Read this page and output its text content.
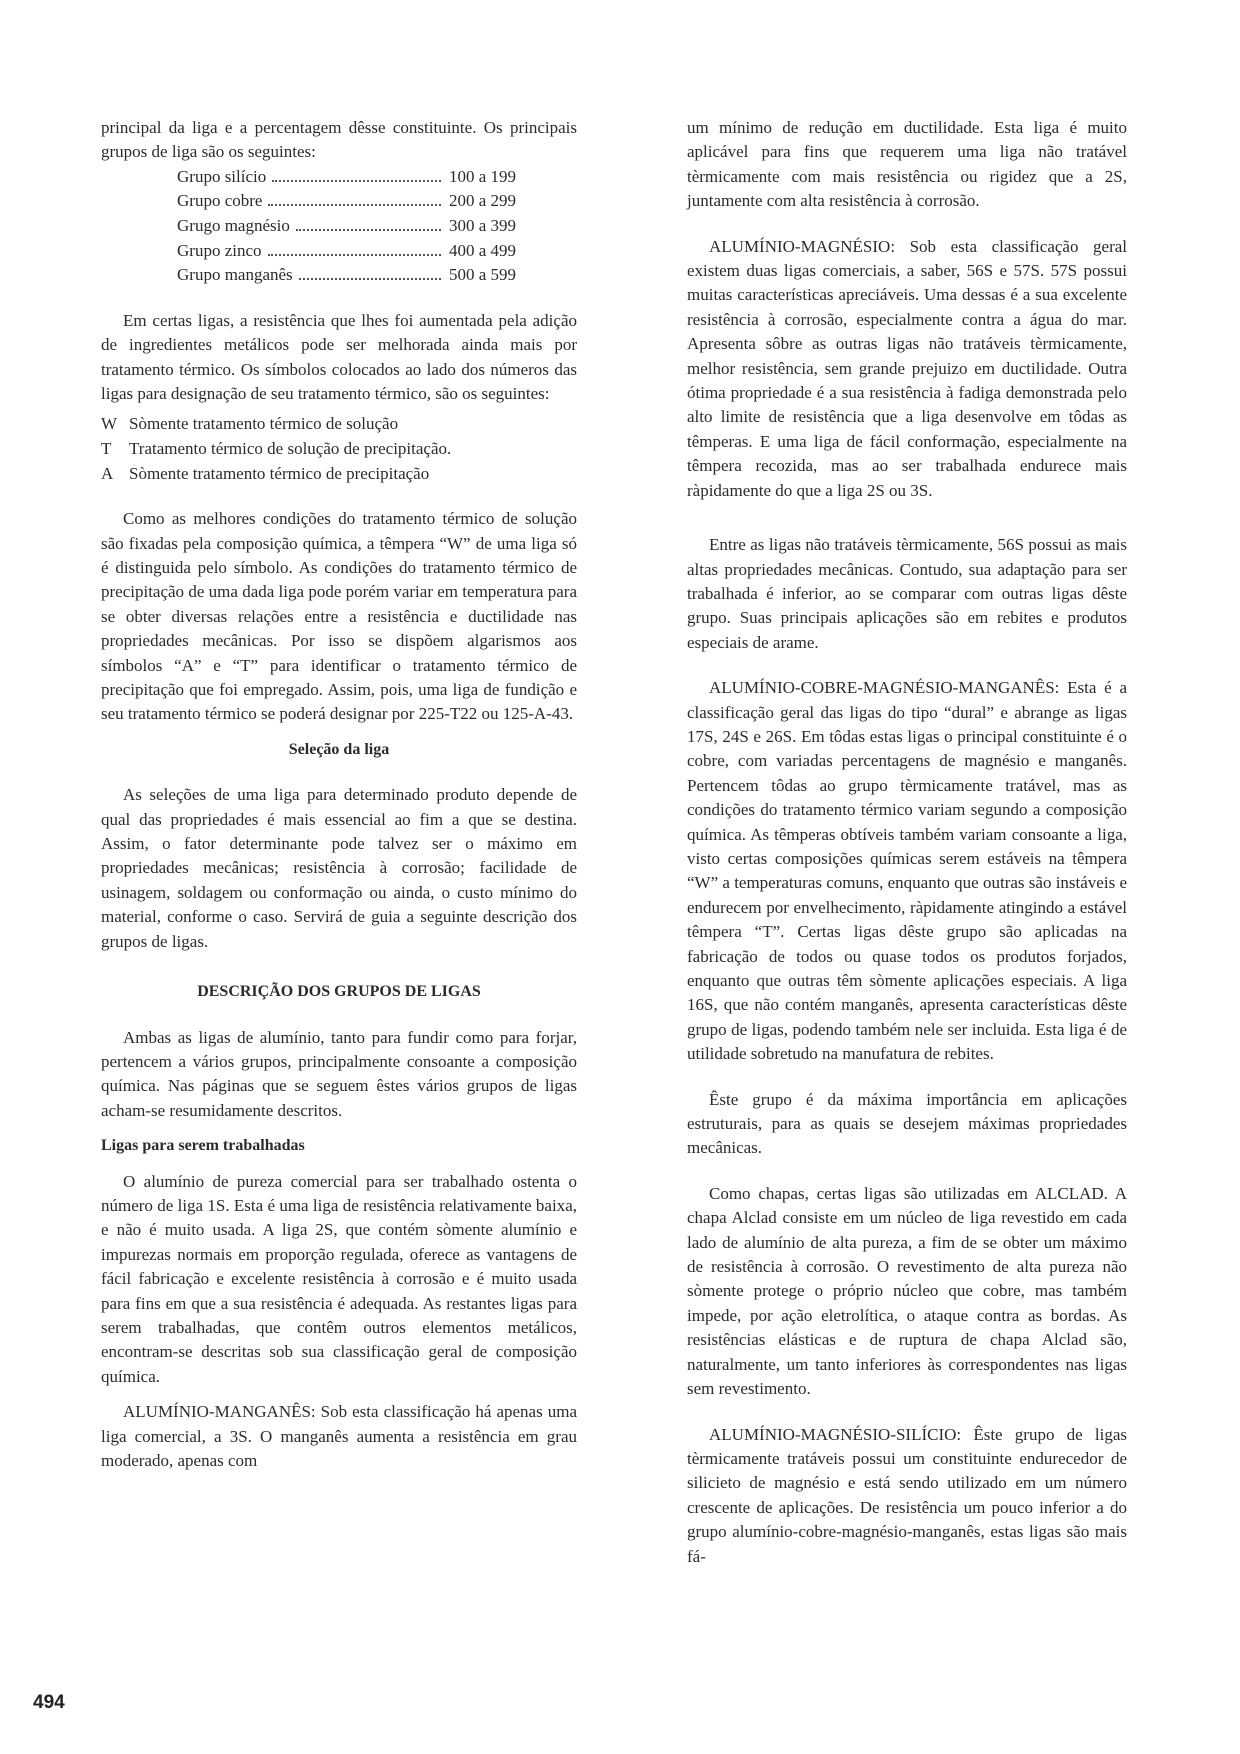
principal da liga e a percentagem dêsse constituinte. Os principais grupos de liga são os seguintes:

Grupo silício	100 a 199
Grupo cobre	200 a 299
Grugo magnésio	300 a 399
Grupo zinco	400 a 499
Grupo manganês	500 a 599

Em certas ligas, a resistência que lhes foi aumentada pela adição de ingredientes metálicos pode ser melhorada ainda mais por tratamento térmico. Os símbolos colocados ao lado dos números das ligas para designação de seu tratamento térmico, são os seguintes:

W Sòmente tratamento térmico de solução
T	Tratamento térmico de solução de precipitação.
A Sòmente tratamento térmico de precipitação

Como as melhores condições do tratamento térmico de solução são fixadas pela composição química, a têmpera “W” de uma liga só é distinguida pelo símbolo. As condições do tratamento térmico de precipitação de uma dada liga pode porém variar em temperatura para se obter diversas relações entre a resistência e ductilidade nas propriedades mecânicas. Por isso se dispõem algarismos aos símbolos “A” e “T” para identificar o tratamento térmico de precipitação que foi empregado. Assim, pois, uma liga de fundição e seu tratamento térmico se poderá designar por 225-T22 ou 125-A-43.

Seleção da liga

As seleções de uma liga para determinado produto depende de qual das propriedades é mais essencial ao fim a que se destina. Assim, o fator determinante pode talvez ser o máximo em propriedades mecânicas; resistência à corrosão; facilidade de usinagem, soldagem ou conformação ou ainda, o custo mínimo do material, conforme o caso. Servirá de guia a seguinte descrição dos grupos de ligas.

DESCRIÇÃO DOS GRUPOS DE LIGAS

Ambas as ligas de alumínio, tanto para fundir como para forjar, pertencem a vários grupos, principalmente consoante a composição química. Nas páginas que se seguem êstes vários grupos de ligas acham-se resumidamente descritos.

Ligas para serem trabalhadas

O alumínio de pureza comercial para ser trabalhado ostenta o número de liga 1S. Esta é uma liga de resistência relativamente baixa, e não é muito usada. A liga 2S, que contém sòmente alumínio e impurezas normais em proporção regulada, oferece as vantagens de fácil fabricação e excelente resistência à corrosão e é muito usada para fins em que a sua resistência é adequada. As restantes ligas para serem trabalhadas, que contêm outros elementos metálicos, encontram-se descritas sob sua classificação geral de composição química.

ALUMÍNIO-MANGANÊS: Sob esta classificação há apenas uma liga comercial, a 3S. O manganês aumenta a resistência em grau moderado, apenas com

um mínimo de redução em ductilidade. Esta liga é muito aplicável para fins que requerem uma liga não tratável tèrmicamente com mais resistência ou rigidez que a 2S, juntamente com alta resistência à corrosão.

ALUMÍNIO-MAGNÉSIO: Sob esta classificação geral existem duas ligas comerciais, a saber, 56S e 57S. 57S possui muitas características apreciáveis. Uma dessas é a sua excelente resistência à corrosão, especialmente contra a água do mar. Apresenta sôbre as outras ligas não tratáveis tèrmicamente, melhor resistência, sem grande prejuizo em ductilidade. Outra ótima propriedade é a sua resistência à fadiga demonstrada pelo alto limite de resistência que a liga desenvolve em tôdas as têmperas. E uma liga de fácil conformação, especialmente na têmpera recozida, mas ao ser trabalhada endurece mais ràpidamente do que a liga 2S ou 3S.

Entre as ligas não tratáveis tèrmicamente, 56S possui as mais altas propriedades mecânicas. Contudo, sua adaptação para ser trabalhada é inferior, ao se comparar com outras ligas dêste grupo. Suas principais aplicações são em rebites e produtos especiais de arame.

ALUMÍNIO-COBRE-MAGNÉSIO-MANGANÊS: Esta é a classificação geral das ligas do tipo “dural” e abrange as ligas 17S, 24S e 26S. Em tôdas estas ligas o principal constituinte é o cobre, com variadas percentagens de magnésio e manganês. Pertencem tôdas ao grupo tèrmicamente tratável, mas as condições do tratamento térmico variam segundo a composição química. As têmperas obtíveis também variam consoante a liga, visto certas composições químicas serem estáveis na têmpera “W” a temperaturas comuns, enquanto que outras são instáveis e endurecem por envelhecimento, ràpidamente atingindo a estável têmpera “T”. Certas ligas dêste grupo são aplicadas na fabricação de todos ou quase todos os produtos forjados, enquanto que outras têm sòmente aplicações especiais. A liga 16S, que não contém manganês, apresenta características dêste grupo de ligas, podendo também nele ser incluida. Esta liga é de utilidade sobretudo na manufatura de rebites.

Êste grupo é da máxima importância em aplicações estruturais, para as quais se desejem máximas propriedades mecânicas.

Como chapas, certas ligas são utilizadas em ALCLAD. A chapa Alclad consiste em um núcleo de liga revestido em cada lado de alumínio de alta pureza, a fim de se obter um máximo de resistência à corrosão. O revestimento de alta pureza não sòmente protege o próprio núcleo que cobre, mas também impede, por ação eletrolítica, o ataque contra as bordas. As resistências elásticas e de ruptura de chapa Alclad são, naturalmente, um tanto inferiores às correspondentes nas ligas sem revestimento.

ALUMÍNIO-MAGNÉSIO-SILÍCIO: Êste grupo de ligas tèrmicamente tratáveis possui um constituinte endurecedor de silicieto de magnésio e está sendo utilizado em um número crescente de aplicações. De resistência um pouco inferior a do grupo alumínio-cobre-magnésio-manganês, estas ligas são mais fá-

494
